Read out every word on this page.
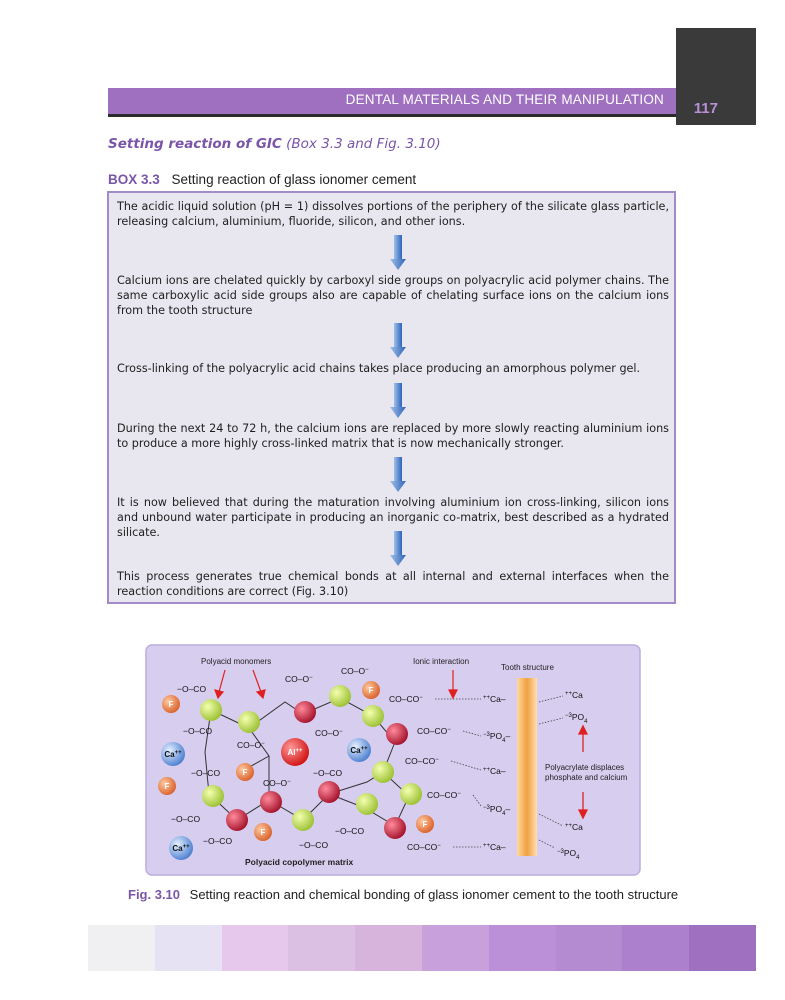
117
DENTAL MATERIALS AND THEIR MANIPULATION
Setting reaction of GIC (Box 3.3 and Fig. 3.10)
BOX 3.3 Setting reaction of glass ionomer cement
The acidic liquid solution (pH = 1) dissolves portions of the periphery of the silicate glass particle, releasing calcium, aluminium, fluoride, silicon, and other ions.
Calcium ions are chelated quickly by carboxyl side groups on polyacrylic acid polymer chains. The same carboxylic acid side groups also are capable of chelating surface ions on the calcium ions from the tooth structure
Cross-linking of the polyacrylic acid chains takes place producing an amorphous polymer gel.
During the next 24 to 72 h, the calcium ions are replaced by more slowly reacting aluminium ions to produce a more highly cross-linked matrix that is now mechanically stronger.
It is now believed that during the maturation involving aluminium ion cross-linking, silicon ions and unbound water participate in producing an inorganic co-matrix, best described as a hydrated silicate.
This process generates true chemical bonds at all internal and external interfaces when the reaction conditions are correct (Fig. 3.10)
F
F
F
F
F
F
Ca++	Ca++
Ca++
Al++
−O–CO
CO–O−
CO–O−
−O–CO
CO–O−
CO–O−
−O–CO
CO–O−
−O–CO
−O–CO
−O–CO	−O–CO
−O–CO
CO–CO−
CO–CO−
CO–CO−
CO–CO−
CO–CO−
++Ca–
$^{-3}PO_4-$
++Ca–
$^{-3}PO_4-$
++Ca–
++Ca
$^{-3}PO_4$
++Ca
$^{-3}PO_4$
Polyacrylate displaces
phosphate and calcium
Polyacid monomers	Ionic interaction
Tooth structure
Polyacid copolymer matrix
Fig. 3.10 Setting reaction and chemical bonding of glass ionomer cement to the tooth structure
